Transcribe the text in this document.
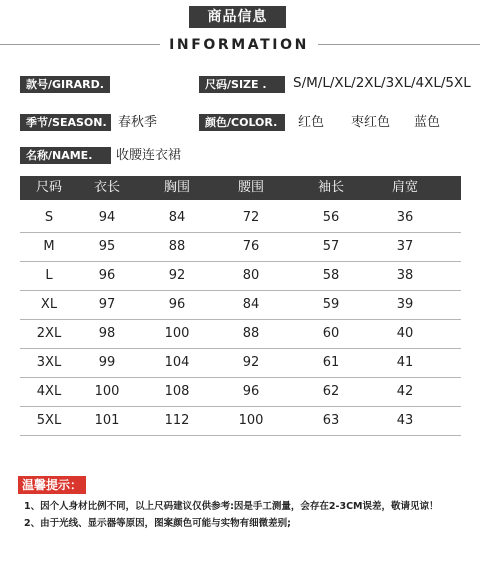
商品信息
INFORMATION
款号/GIRARD.	尺码/SIZE .	S/M/L/XL/2XL/3XL/4XL/5XL
季节/SEASON. 春秋季	颜色/COLOR.	红色 枣红色 蓝色
名称/NAME.	收腰连衣裙
尺码	衣长	胸围	腰围	袖长	肩宽
S	94	84	72	56	36
M	95	88	76	57	37
L	96	92	80	58	38
XL	97	96	84	59	39
2XL	98	100	88	60	40
3XL	99	104	92	61	41
4XL	100	108	96	62	42
5XL	101	112	100	63	43
温馨提示：
1、因个人身材比例不同，以上尺码建议仅供参考:因是手工测量，会存在2-3CM误差，敬请见谅！
2、由于光线、显示器等原因，图案颜色可能与实物有细微差别;
